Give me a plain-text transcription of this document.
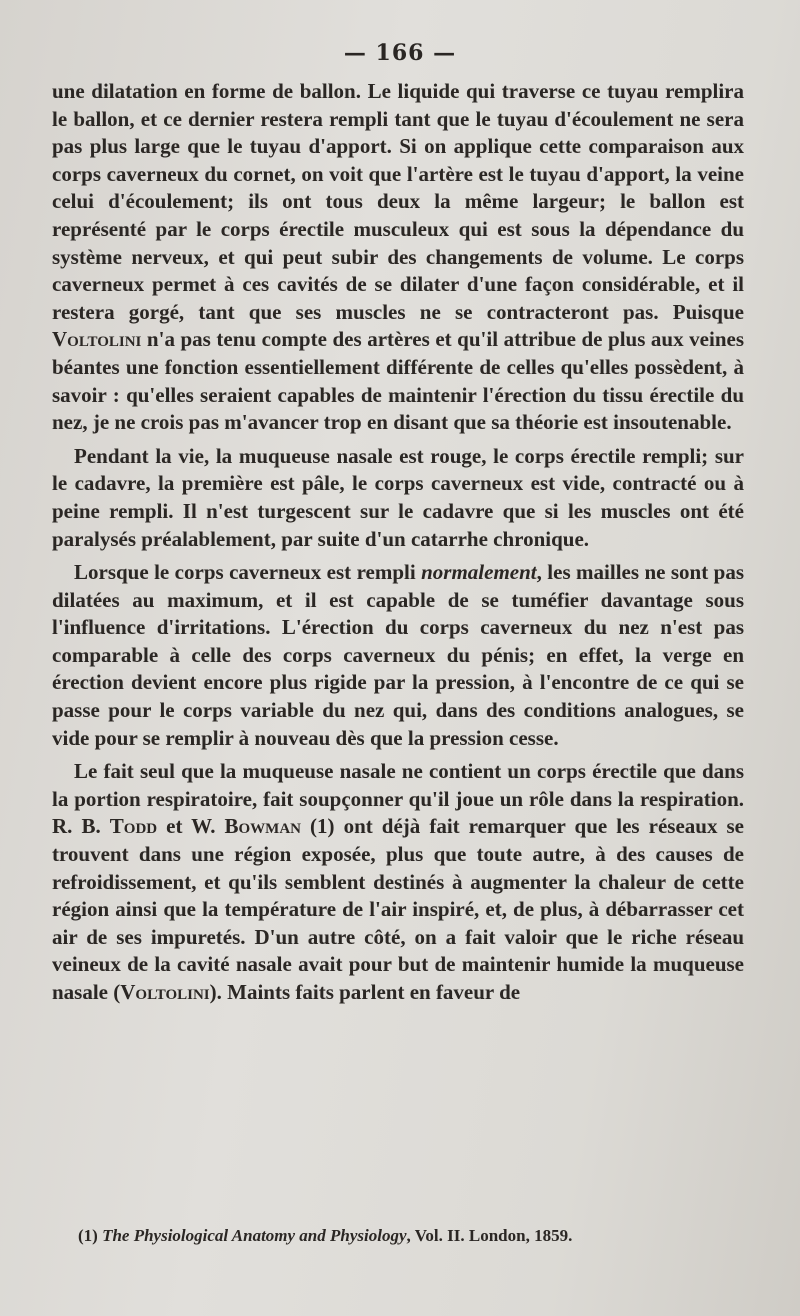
— 166 —

une dilatation en forme de ballon. Le liquide qui traverse ce tuyau remplira le ballon, et ce dernier restera rempli tant que le tuyau d'écoulement ne sera pas plus large que le tuyau d'apport. Si on applique cette comparaison aux corps caverneux du cornet, on voit que l'artère est le tuyau d'apport, la veine celui d'écoulement; ils ont tous deux la même largeur; le ballon est représenté par le corps érectile musculeux qui est sous la dépendance du système nerveux, et qui peut subir des changements de volume. Le corps caverneux permet à ces cavités de se dilater d'une façon considérable, et il restera gorgé, tant que ses muscles ne se contracteront pas. Puisque Voltolini n'a pas tenu compte des artères et qu'il attribue de plus aux veines béantes une fonction essentiellement différente de celles qu'elles possèdent, à savoir : qu'elles seraient capables de maintenir l'érection du tissu érectile du nez, je ne crois pas m'avancer trop en disant que sa théorie est insoutenable.

Pendant la vie, la muqueuse nasale est rouge, le corps érectile rempli; sur le cadavre, la première est pâle, le corps caverneux est vide, contracté ou à peine rempli. Il n'est turgescent sur le cadavre que si les muscles ont été paralysés préalablement, par suite d'un catarrhe chronique.

Lorsque le corps caverneux est rempli normalement, les mailles ne sont pas dilatées au maximum, et il est capable de se tuméfier davantage sous l'influence d'irritations. L'érection du corps caverneux du nez n'est pas comparable à celle des corps caverneux du pénis; en effet, la verge en érection devient encore plus rigide par la pression, à l'encontre de ce qui se passe pour le corps variable du nez qui, dans des conditions analogues, se vide pour se remplir à nouveau dès que la pression cesse.

Le fait seul que la muqueuse nasale ne contient un corps érectile que dans la portion respiratoire, fait soupçonner qu'il joue un rôle dans la respiration. R. B. Todd et W. Bowman (1) ont déjà fait remarquer que les réseaux se trouvent dans une région exposée, plus que toute autre, à des causes de refroidissement, et qu'ils semblent destinés à augmenter la chaleur de cette région ainsi que la température de l'air inspiré, et, de plus, à débarrasser cet air de ses impuretés. D'un autre côté, on a fait valoir que le riche réseau veineux de la cavité nasale avait pour but de maintenir humide la muqueuse nasale (Voltolini). Maints faits parlent en faveur de

(1) The Physiological Anatomy and Physiology, Vol. II. London, 1859.
